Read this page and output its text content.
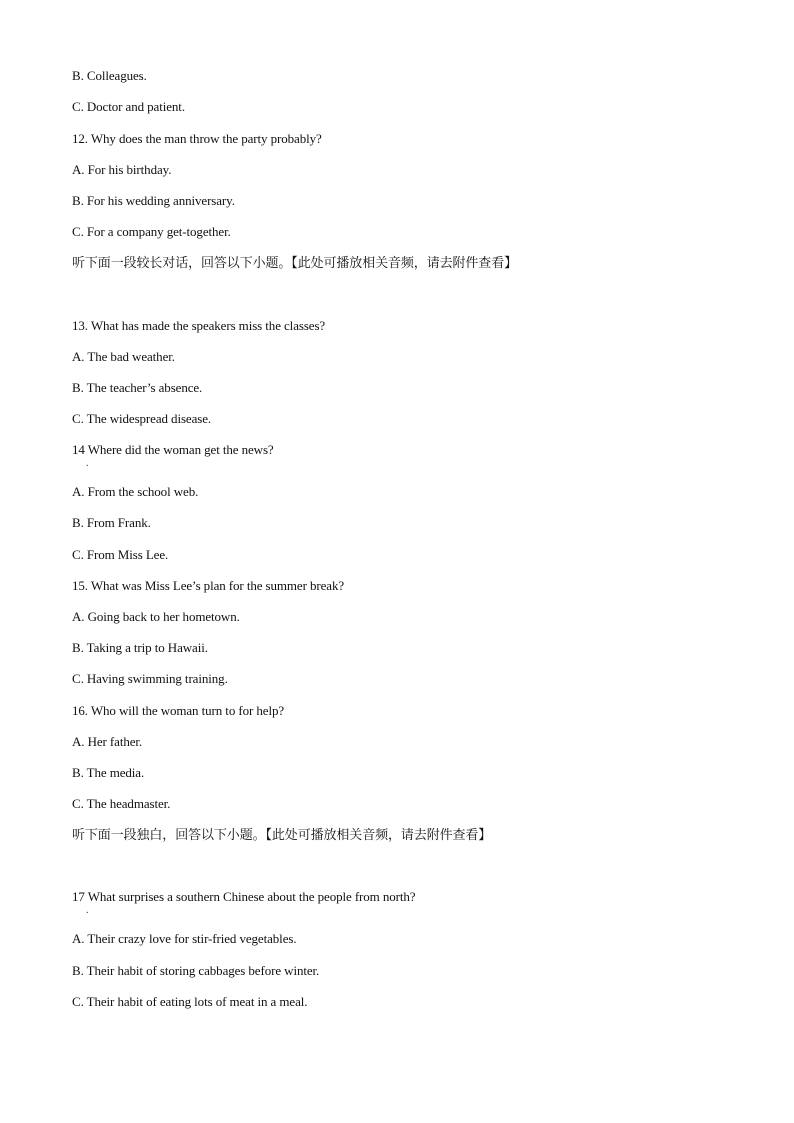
B. Colleagues.
C. Doctor and patient.
12. Why does the man throw the party probably?
A. For his birthday.
B. For his wedding anniversary.
C. For a company get-together.
听下面一段较长对话，回答以下小题。【此处可播放相关音频，请去附件查看】
13. What has made the speakers miss the classes?
A. The bad weather.
B. The teacher’s absence.
C. The widespread disease.
14 Where did the woman get the news?
.
A. From the school web.
B. From Frank.
C. From Miss Lee.
15. What was Miss Lee’s plan for the summer break?
A. Going back to her hometown.
B. Taking a trip to Hawaii.
C. Having swimming training.
16. Who will the woman turn to for help?
A. Her father.
B. The media.
C. The headmaster.
听下面一段独白，回答以下小题。【此处可播放相关音频，请去附件查看】
17 What surprises a southern Chinese about the people from north?
.
A. Their crazy love for stir-fried vegetables.
B. Their habit of storing cabbages before winter.
C. Their habit of eating lots of meat in a meal.
